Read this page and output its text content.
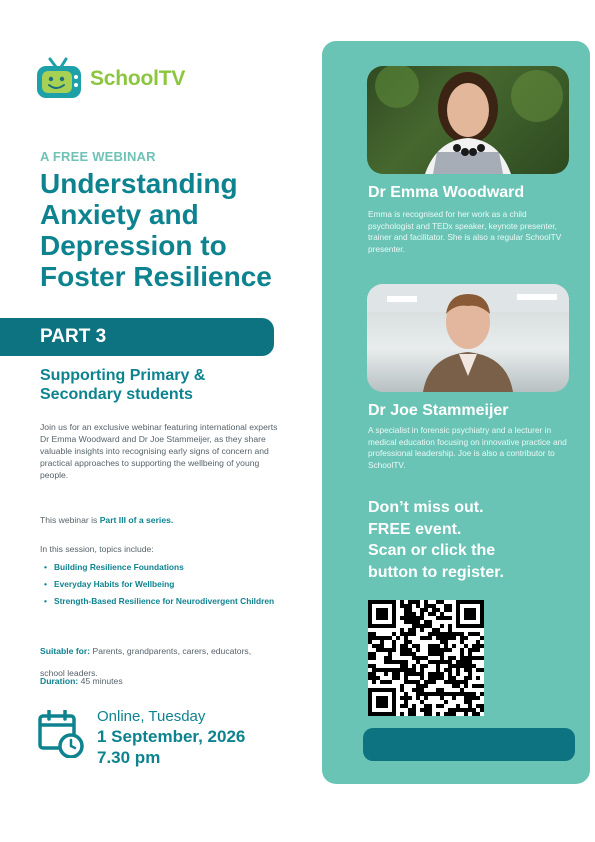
SchoolTV
A FREE WEBINAR
Understanding Anxiety and Depression to Foster Resilience
PART 3
Supporting Primary & Secondary students

Join us for an exclusive webinar featuring international experts Dr Emma Woodward and Dr Joe Stammeijer, as they share valuable insights into recognising early signs of concern and practical approaches to supporting the wellbeing of young people.

This webinar is Part III of a series.
In this session, topics include:
• Building Resilience Foundations
• Everyday Habits for Wellbeing
• Strength-Based Resilience for Neurodivergent Children
Suitable for: Parents, grandparents, carers, educators, school leaders.
Duration: 45 minutes
Online, Tuesday
1 September, 2026
7.30 pm
Dr Emma Woodward

Emma is recognised for her work as a child psychologist and TEDx speaker, keynote presenter, trainer and facilitator. She is also a regular SchoolTV presenter.

Dr Joe Stammeijer

A specialist in forensic psychiatry and a lecturer in medical education focusing on innovative practice and professional leadership. Joe is also a contributor to SchoolTV.

Don’t miss out.
FREE event.
Scan or click the
button to register.
